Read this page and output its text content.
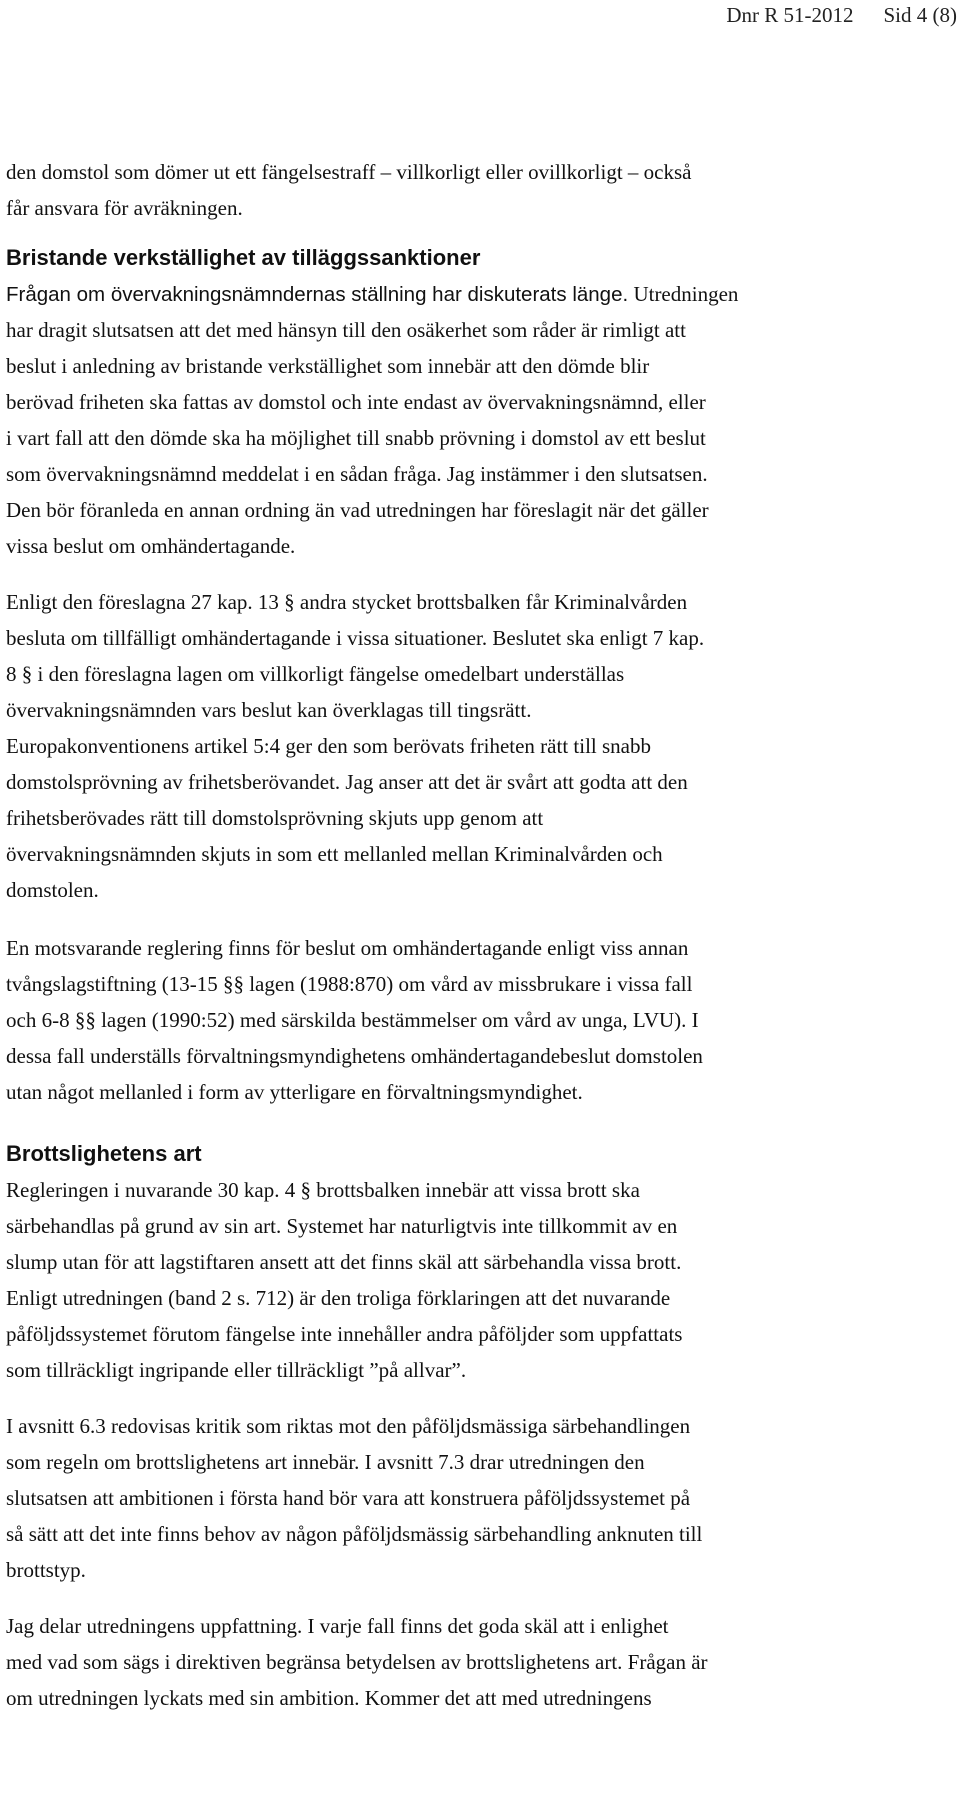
Dnr R 51-2012 Sid 4 (8)
den domstol som dömer ut ett fängelsestraff – villkorligt eller ovillkorligt – också
får ansvara för avräkningen.
Bristande verkställighet av tilläggssanktioner
Frågan om övervakningsnämndernas ställning har diskuterats länge. Utredningen
har dragit slutsatsen att det med hänsyn till den osäkerhet som råder är rimligt att
beslut i anledning av bristande verkställighet som innebär att den dömde blir
berövad friheten ska fattas av domstol och inte endast av övervakningsnämnd, eller
i vart fall att den dömde ska ha möjlighet till snabb prövning i domstol av ett beslut
som övervakningsnämnd meddelat i en sådan fråga. Jag instämmer i den slutsatsen.
Den bör föranleda en annan ordning än vad utredningen har föreslagit när det gäller
vissa beslut om omhändertagande.
Enligt den föreslagna 27 kap. 13 § andra stycket brottsbalken får Kriminalvården
besluta om tillfälligt omhändertagande i vissa situationer. Beslutet ska enligt 7 kap.
8 § i den föreslagna lagen om villkorligt fängelse omedelbart underställas
övervakningsnämnden vars beslut kan överklagas till tingsrätt.
Europakonventionens artikel 5:4 ger den som berövats friheten rätt till snabb
domstolsprövning av frihetsberövandet. Jag anser att det är svårt att godta att den
frihetsberövades rätt till domstolsprövning skjuts upp genom att
övervakningsnämnden skjuts in som ett mellanled mellan Kriminalvården och
domstolen.
En motsvarande reglering finns för beslut om omhändertagande enligt viss annan
tvångslagstiftning (13-15 §§ lagen (1988:870) om vård av missbrukare i vissa fall
och 6-8 §§ lagen (1990:52) med särskilda bestämmelser om vård av unga, LVU). I
dessa fall underställs förvaltningsmyndighetens omhändertagandebeslut domstolen
utan något mellanled i form av ytterligare en förvaltningsmyndighet.
Brottslighetens art
Regleringen i nuvarande 30 kap. 4 § brottsbalken innebär att vissa brott ska
särbehandlas på grund av sin art. Systemet har naturligtvis inte tillkommit av en
slump utan för att lagstiftaren ansett att det finns skäl att särbehandla vissa brott.
Enligt utredningen (band 2 s. 712) är den troliga förklaringen att det nuvarande
påföljdssystemet förutom fängelse inte innehåller andra påföljder som uppfattats
som tillräckligt ingripande eller tillräckligt ”på allvar”.
I avsnitt 6.3 redovisas kritik som riktas mot den påföljdsmässiga särbehandlingen
som regeln om brottslighetens art innebär. I avsnitt 7.3 drar utredningen den
slutsatsen att ambitionen i första hand bör vara att konstruera påföljdssystemet på
så sätt att det inte finns behov av någon påföljdsmässig särbehandling anknuten till
brottstyp.
Jag delar utredningens uppfattning. I varje fall finns det goda skäl att i enlighet
med vad som sägs i direktiven begränsa betydelsen av brottslighetens art. Frågan är
om utredningen lyckats med sin ambition. Kommer det att med utredningens
